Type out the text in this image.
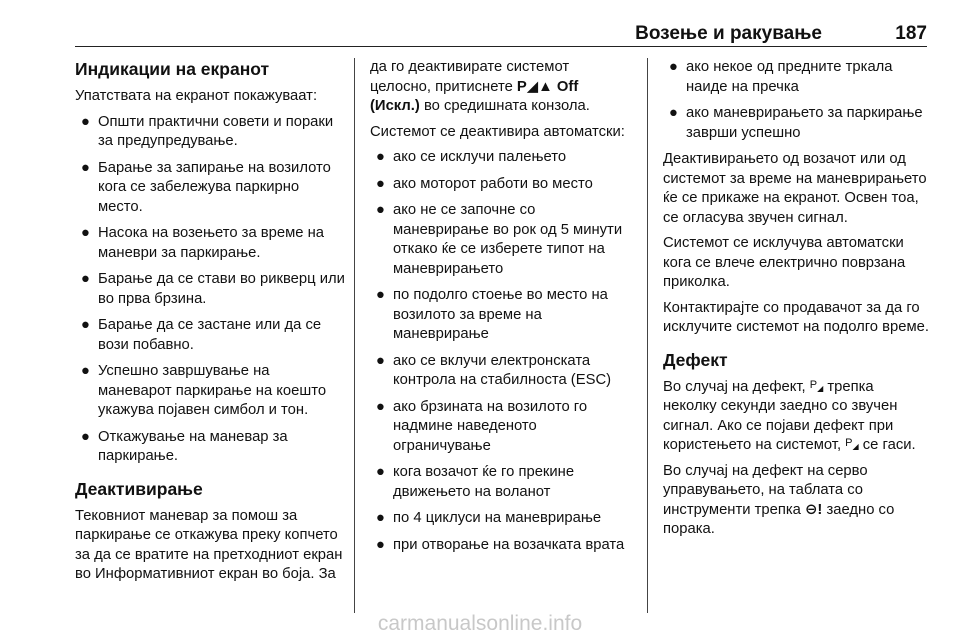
Возење и ракување	187
Индикации на екранот

Упатствата на екранот покажуваат:

● Општи практични совети и пораки за предупредување.
● Барање за запирање на возилото кога се забележува паркирно место.
● Насока на возењето за време на маневри за паркирање.
● Барање да се стави во рикверц или во прва брзина.
● Барање да се застане или да се вози побавно.
● Успешно завршување на маневарот паркирање на коешто укажува појавен симбол и тон.
● Откажување на маневар за паркирање.
Деактивирање

Тековниот маневар за помош за паркирање се откажува преку копчето за да се вратите на претходниот екран во Информативниот екран во боја. За

да го деактивирате системот целосно, притиснете P◢▲ Off (Искл.) во средишната конзола.

Системот се деактивира автоматски:

● ако се исклучи палењето
● ако моторот работи во место
● ако не се започне со маневрирање во рок од 5 минути откако ќе се изберете типот на маневрирањето
● по подолго стоење во место на возилото за време на маневрирање
● ако се вклучи електронската контрола на стабилноста (ESC)
● ако брзината на возилото го надмине наведеното ограничување
● кога возачот ќе го прекине движењето на воланот
● по 4 циклуси на маневрирање
● при отворање на возачката врата
● ако некое од предните тркала наиде на пречка
● ако маневрирањето за паркирање заврши успешно

Деактивирањето од возачот или од системот за време на маневрирањето ќе се прикаже на екранот. Освен тоа, се огласува звучен сигнал.

Системот се исклучува автоматски кога се влече електрично поврзана приколка.

Контактирајте со продавачот за да го исклучите системот на подолго време.

Дефект

Во случај на дефект, $P_◢$ трепка неколку секунди заедно со звучен сигнал. Ако се појави дефект при користењето на системот, $P_◢$ се гаси.

Во случај на дефект на серво управувањето, на таблата со инструменти трепка ⊖! заедно со порака.

carmanualsonline.info
